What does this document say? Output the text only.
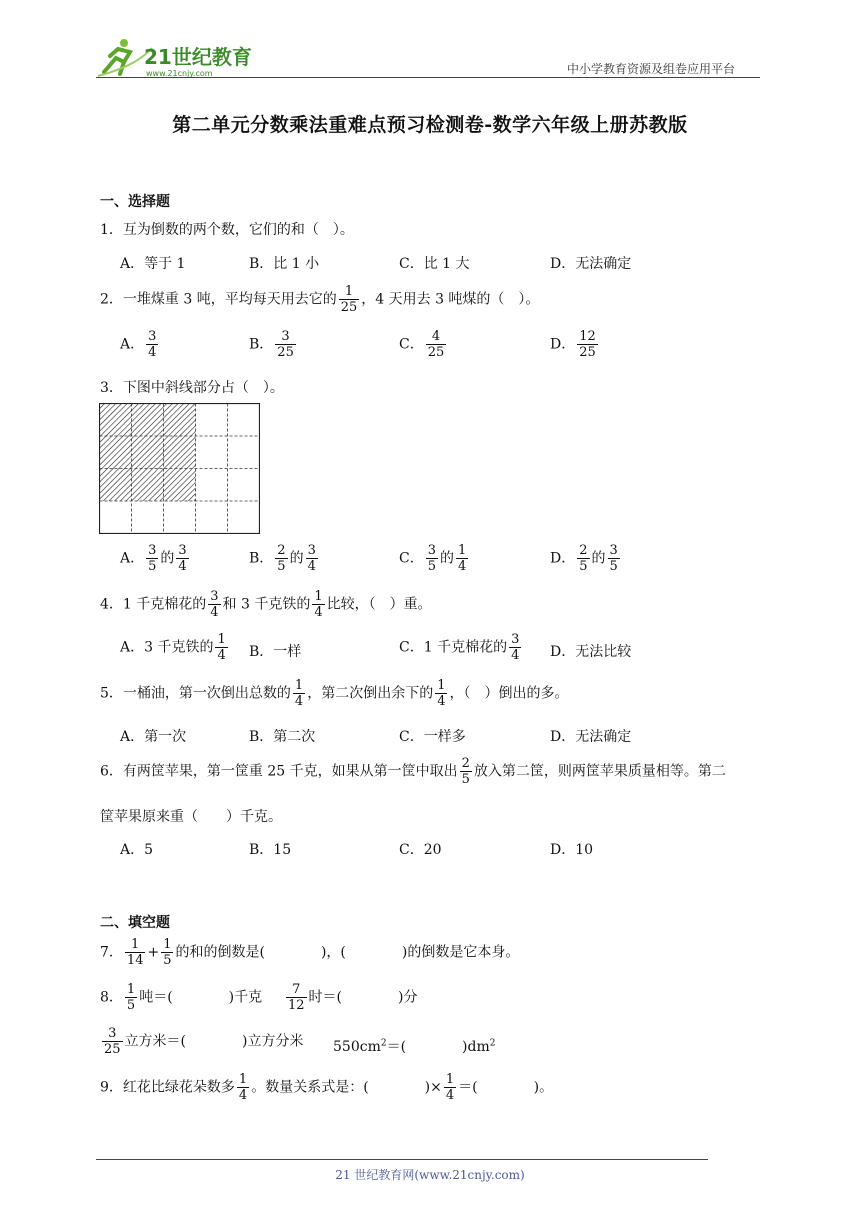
21世纪教育
www.21cnjy.com	中小学教育资源及组卷应用平台
第二单元分数乘法重难点预习检测卷-数学六年级上册苏教版
一、选择题
1．互为倒数的两个数，它们的和（　）。
A．等于 1	B．比 1 小	C．比 1 大	D．无法确定
2．一堆煤重 3 吨，平均每天用去它的 $\frac{1}{25}$ ，4 天用去 3 吨煤的（　）。
A． $\frac{3}{4}$	B． $\frac{3}{25}$	C． $\frac{4}{25}$	D． $\frac{12}{25}$
3．下图中斜线部分占（　）。
A． $\frac{3}{5}$ 的 $\frac{3}{4}$	B． $\frac{2}{5}$ 的 $\frac{3}{4}$	C． $\frac{3}{5}$ 的 $\frac{1}{4}$	D． $\frac{2}{5}$ 的 $\frac{3}{5}$
4．1 千克棉花的 $\frac{3}{4}$ 和 3 千克铁的 $\frac{1}{4}$ 比较，（　）重。
A．3 千克铁的 $\frac{1}{4}$ B．一样	C．1 千克棉花的 $\frac{3}{4}$ D．无法比较
5．一桶油，第一次倒出总数的 $\frac{1}{4}$ ，第二次倒出余下的 $\frac{1}{4}$ ，（　）倒出的多。
A．第一次	B．第二次	C．一样多	D．无法确定
6．有两筐苹果，第一筐重 25 千克，如果从第一筐中取出 $\frac{2}{5}$ 放入第二筐，则两筐苹果质量相等。第二
筐苹果原来重（　　）千克。
A．5	B．15	C．20	D．10
二、填空题
7． $\frac{1}{14} + \frac{1}{5}$ 的和的倒数是(　　　　)，(　　　　)的倒数是它本身。
8． $\frac{1}{5}$ 吨＝(　　　　)千克 $\frac{7}{12}$ 时＝(　　　　)分
$\frac{3}{25}$ 立方米＝(　　　　)立方分米 $550cm^2=$(　　　　)$dm^2$
9．红花比绿花朵数多 $\frac{1}{4}$ 。数量关系式是：(　　　　)× $\frac{1}{4}$ ＝(　　　　)。
21 世纪教育网(www.21cnjy.com)
